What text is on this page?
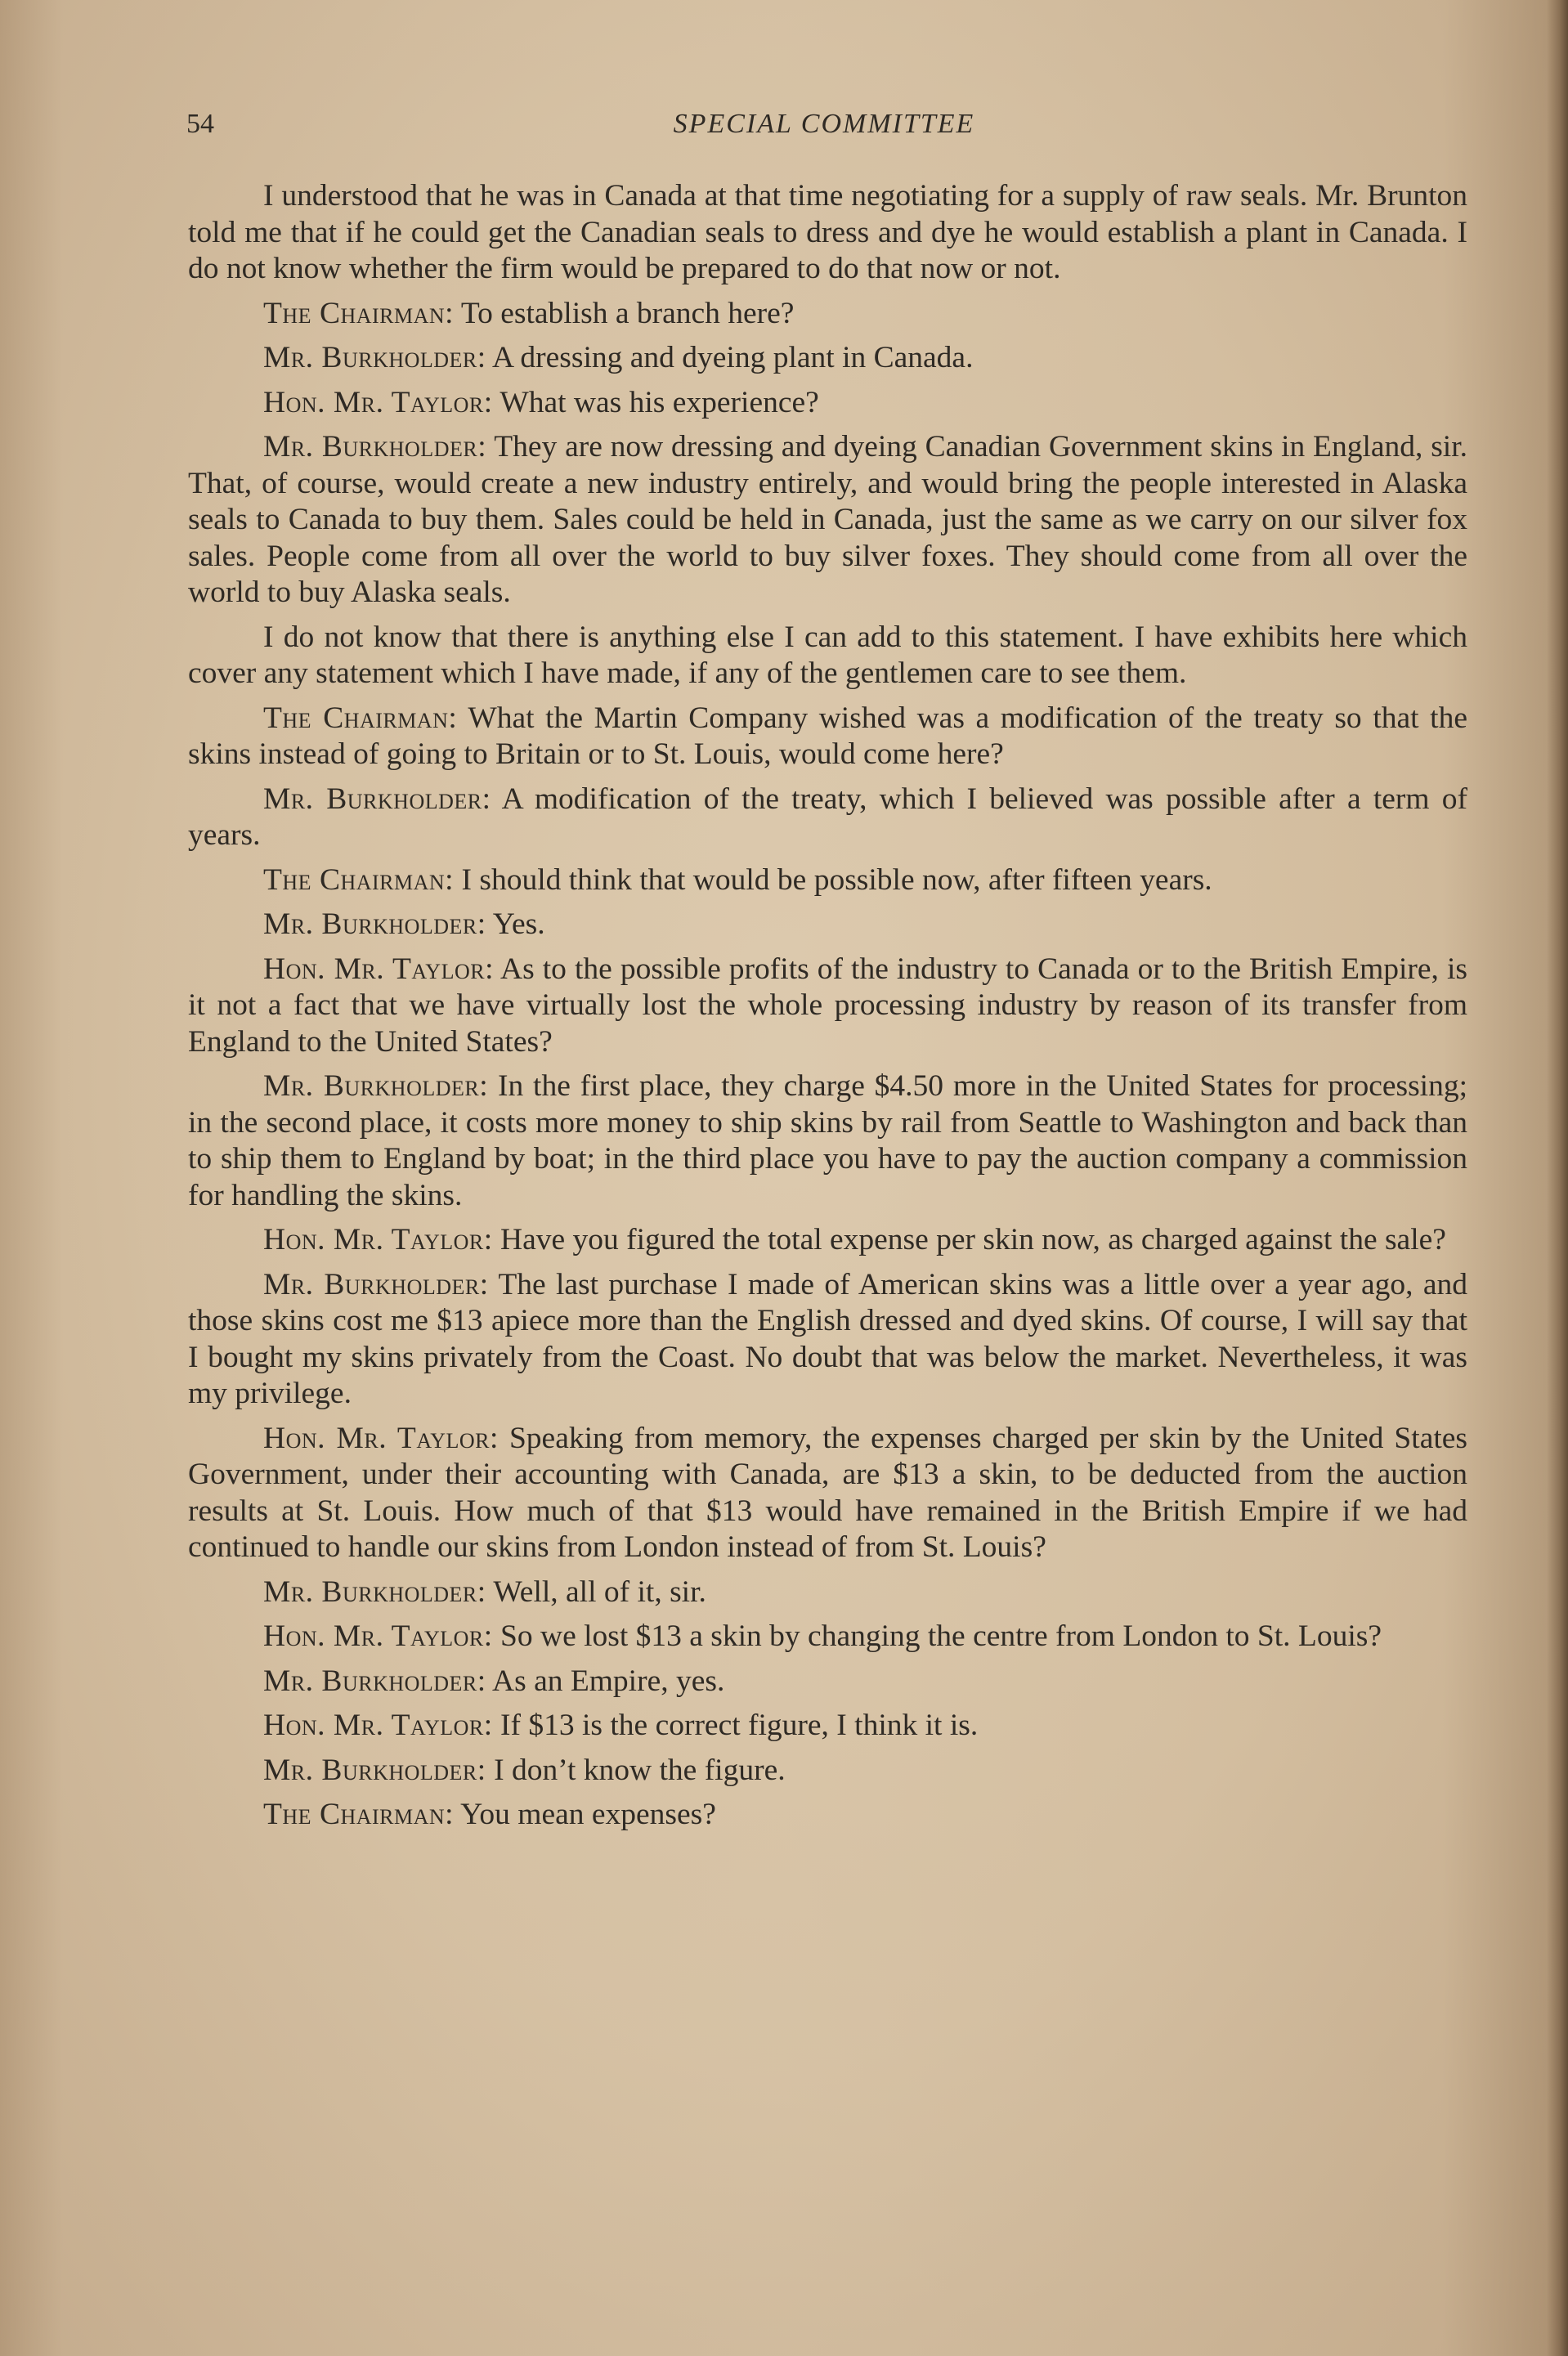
SPECIAL COMMITTEE
54

I understood that he was in Canada at that time negotiating for a supply of raw seals. Mr. Brunton told me that if he could get the Canadian seals to dress and dye he would establish a plant in Canada. I do not know whether the firm would be prepared to do that now or not.

The Chairman: To establish a branch here?

Mr. Burkholder: A dressing and dyeing plant in Canada.

Hon. Mr. Taylor: What was his experience?

Mr. Burkholder: They are now dressing and dyeing Canadian Government skins in England, sir. That, of course, would create a new industry entirely, and would bring the people interested in Alaska seals to Canada to buy them. Sales could be held in Canada, just the same as we carry on our silver fox sales. People come from all over the world to buy silver foxes. They should come from all over the world to buy Alaska seals.

I do not know that there is anything else I can add to this statement. I have exhibits here which cover any statement which I have made, if any of the gentlemen care to see them.

The Chairman: What the Martin Company wished was a modification of the treaty so that the skins instead of going to Britain or to St. Louis, would come here?

Mr. Burkholder: A modification of the treaty, which I believed was possible after a term of years.

The Chairman: I should think that would be possible now, after fifteen years.

Mr. Burkholder: Yes.

Hon. Mr. Taylor: As to the possible profits of the industry to Canada or to the British Empire, is it not a fact that we have virtually lost the whole processing industry by reason of its transfer from England to the United States?

Mr. Burkholder: In the first place, they charge $4.50 more in the United States for processing; in the second place, it costs more money to ship skins by rail from Seattle to Washington and back than to ship them to England by boat; in the third place you have to pay the auction company a commission for handling the skins.

Hon. Mr. Taylor: Have you figured the total expense per skin now, as charged against the sale?

Mr. Burkholder: The last purchase I made of American skins was a little over a year ago, and those skins cost me $13 apiece more than the English dressed and dyed skins. Of course, I will say that I bought my skins privately from the Coast. No doubt that was below the market. Nevertheless, it was my privilege.

Hon. Mr. Taylor: Speaking from memory, the expenses charged per skin by the United States Government, under their accounting with Canada, are $13 a skin, to be deducted from the auction results at St. Louis. How much of that $13 would have remained in the British Empire if we had continued to handle our skins from London instead of from St. Louis?

Mr. Burkholder: Well, all of it, sir.

Hon. Mr. Taylor: So we lost $13 a skin by changing the centre from London to St. Louis?

Mr. Burkholder: As an Empire, yes.

Hon. Mr. Taylor: If $13 is the correct figure, I think it is.

Mr. Burkholder: I don’t know the figure.

The Chairman: You mean expenses?
